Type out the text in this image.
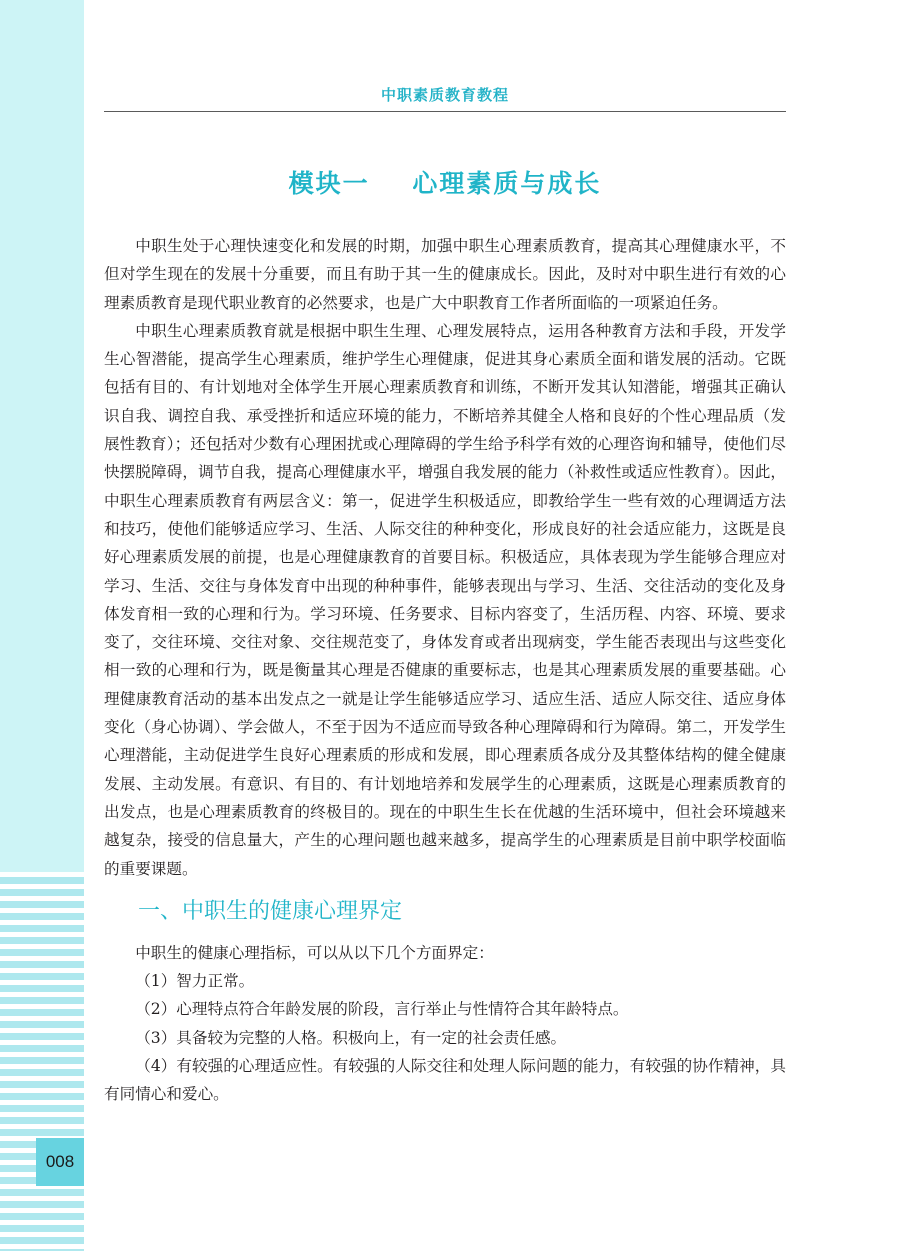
008
中职素质教育教程
模块一    心理素质与成长

中职生处于心理快速变化和发展的时期，加强中职生心理素质教育，提高其心理健康水平，不但对学生现在的发展十分重要，而且有助于其一生的健康成长。因此，及时对中职生进行有效的心理素质教育是现代职业教育的必然要求，也是广大中职教育工作者所面临的一项紧迫任务。

中职生心理素质教育就是根据中职生生理、心理发展特点，运用各种教育方法和手段，开发学生心智潜能，提高学生心理素质，维护学生心理健康，促进其身心素质全面和谐发展的活动。它既包括有目的、有计划地对全体学生开展心理素质教育和训练，不断开发其认知潜能，增强其正确认识自我、调控自我、承受挫折和适应环境的能力，不断培养其健全人格和良好的个性心理品质（发展性教育）；还包括对少数有心理困扰或心理障碍的学生给予科学有效的心理咨询和辅导，使他们尽快摆脱障碍，调节自我，提高心理健康水平，增强自我发展的能力（补救性或适应性教育）。因此，中职生心理素质教育有两层含义：第一，促进学生积极适应，即教给学生一些有效的心理调适方法和技巧，使他们能够适应学习、生活、人际交往的种种变化，形成良好的社会适应能力，这既是良好心理素质发展的前提，也是心理健康教育的首要目标。积极适应，具体表现为学生能够合理应对学习、生活、交往与身体发育中出现的种种事件，能够表现出与学习、生活、交往活动的变化及身体发育相一致的心理和行为。学习环境、任务要求、目标内容变了，生活历程、内容、环境、要求变了，交往环境、交往对象、交往规范变了，身体发育或者出现病变，学生能否表现出与这些变化相一致的心理和行为，既是衡量其心理是否健康的重要标志，也是其心理素质发展的重要基础。心理健康教育活动的基本出发点之一就是让学生能够适应学习、适应生活、适应人际交往、适应身体变化（身心协调）、学会做人，不至于因为不适应而导致各种心理障碍和行为障碍。第二，开发学生心理潜能，主动促进学生良好心理素质的形成和发展，即心理素质各成分及其整体结构的健全健康发展、主动发展。有意识、有目的、有计划地培养和发展学生的心理素质，这既是心理素质教育的出发点，也是心理素质教育的终极目的。现在的中职生生长在优越的生活环境中，但社会环境越来越复杂，接受的信息量大，产生的心理问题也越来越多，提高学生的心理素质是目前中职学校面临的重要课题。

一、中职生的健康心理界定

中职生的健康心理指标，可以从以下几个方面界定：

（1）智力正常。
（2）心理特点符合年龄发展的阶段，言行举止与性情符合其年龄特点。
（3）具备较为完整的人格。积极向上，有一定的社会责任感。
（4）有较强的心理适应性。有较强的人际交往和处理人际问题的能力，有较强的协作精神，具有同情心和爱心。
